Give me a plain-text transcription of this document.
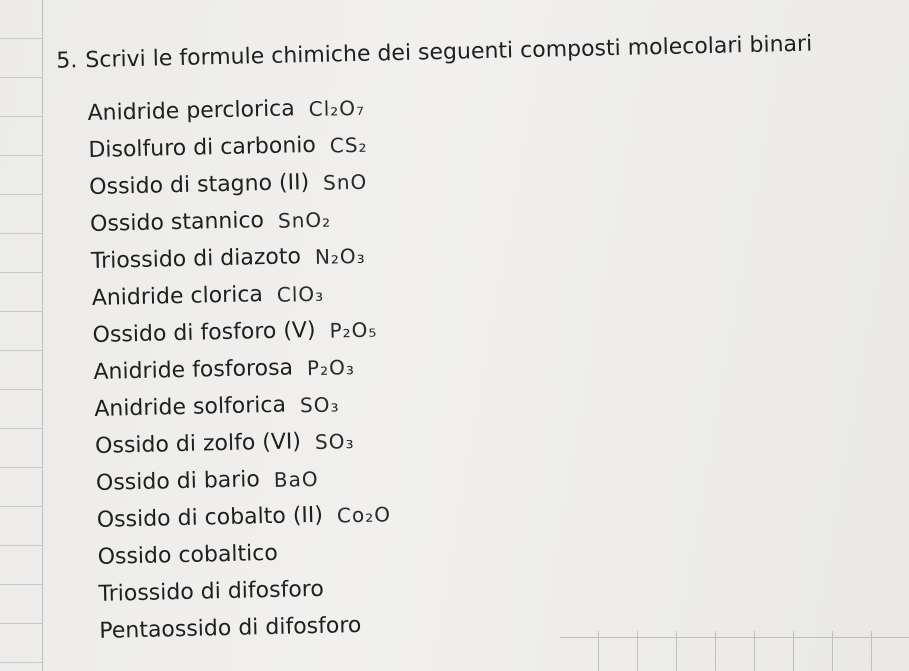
5. Scrivi le formule chimiche dei seguenti composti molecolari binari
Anidride perclorica Cl₂O₇
Disolfuro di carbonio CS₂
Ossido di stagno (II) SnO
Ossido stannico SnO₂
Triossido di diazoto N₂O₃
Anidride clorica ClO₃
Ossido di fosforo (V) P₂O₅
Anidride fosforosa P₂O₃
Anidride solforica SO₃
Ossido di zolfo (VI) SO₃
Ossido di bario BaO
Ossido di cobalto (II) Co₂O
Ossido cobaltico
Triossido di difosforo
Pentaossido di difosforo
